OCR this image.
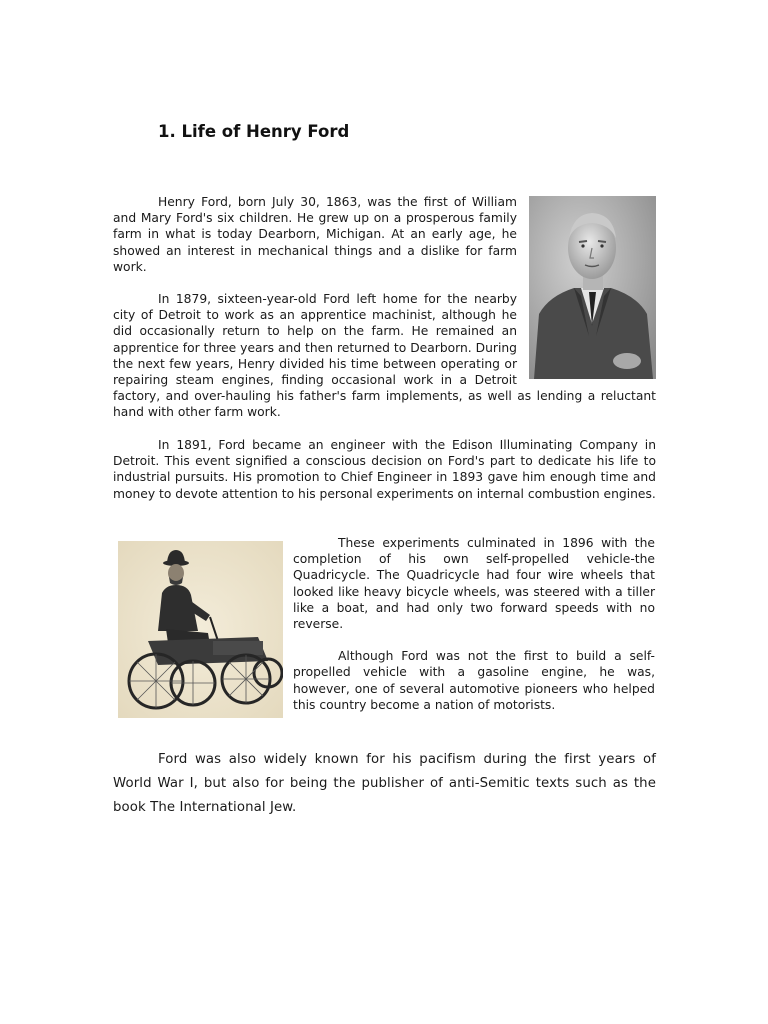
1. Life of Henry Ford

Henry Ford, born July 30, 1863, was the first of William and Mary Ford's six children. He grew up on a prosperous family farm in what is today Dearborn, Michigan. At an early age, he showed an interest in mechanical things and a dislike for farm work.

In 1879, sixteen-year-old Ford left home for the nearby city of Detroit to work as an apprentice machinist, although he did occasionally return to help on the farm. He remained an apprentice for three years and then returned to Dearborn. During the next few years, Henry divided his time between operating or repairing steam engines, finding occasional work in a Detroit factory, and over-hauling his father's farm implements, as well as lending a reluctant hand with other farm work.

In 1891, Ford became an engineer with the Edison Illuminating Company in Detroit. This event signified a conscious decision on Ford's part to dedicate his life to industrial pursuits. His promotion to Chief Engineer in 1893 gave him enough time and money to devote attention to his personal experiments on internal combustion engines.

These experiments culminated in 1896 with the completion of his own self-propelled vehicle-the Quadricycle. The Quadricycle had four wire wheels that looked like heavy bicycle wheels, was steered with a tiller like a boat, and had only two forward speeds with no reverse.

Although Ford was not the first to build a self-propelled vehicle with a gasoline engine, he was, however, one of several automotive pioneers who helped this country become a nation of motorists.

Ford was also widely known for his pacifism during the first years of World War I, but also for being the publisher of anti-Semitic texts such as the book The International Jew.
